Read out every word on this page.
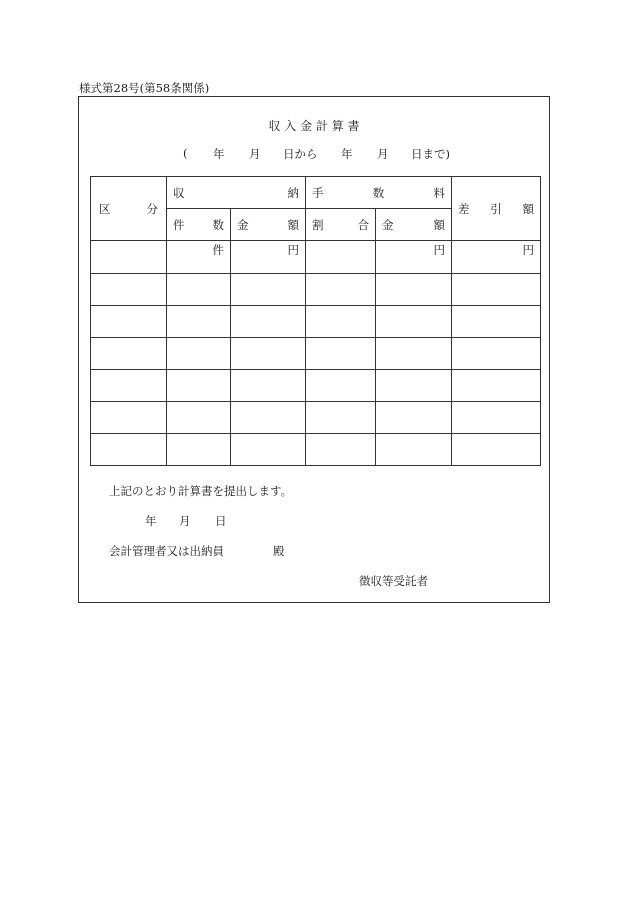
様式第28号(第58条関係)
収 入 金 計 算 書
( 年 月 日から 年 月 日まで)
区 分	収 納		手 数 料		差 引 額

	件 数	金 額	割 合	金 額	

	件	円		円	円

上記のとおり計算書を提出します。
年 月 日
会計管理者又は出納員	殿
徴収等受託者
